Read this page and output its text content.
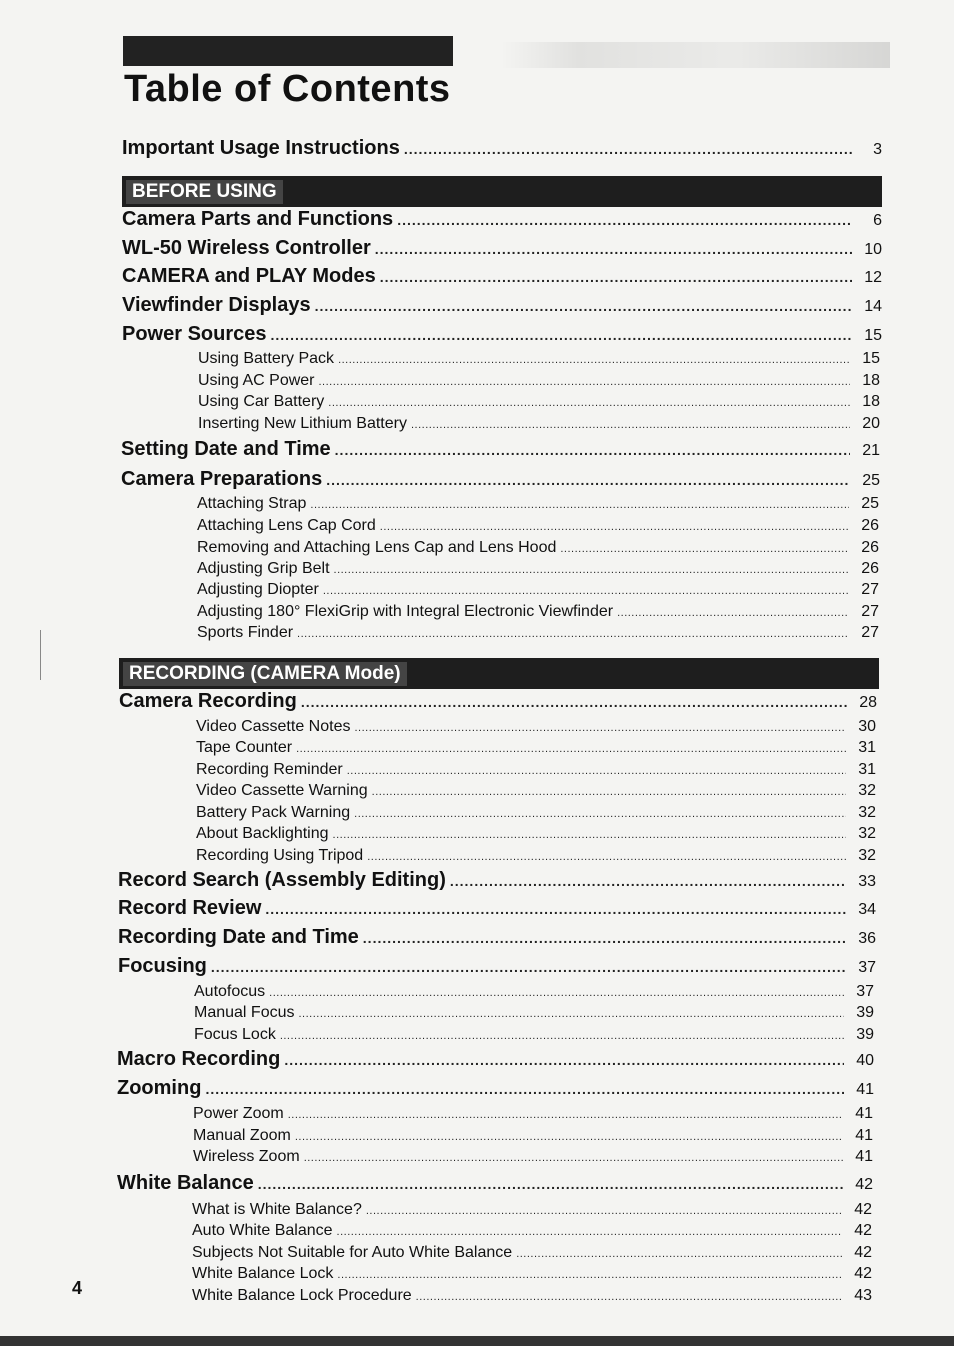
Table of Contents
Important Usage Instructions .....	3
BEFORE USING
Camera Parts and Functions .....	6
WL-50 Wireless Controller .....	10
CAMERA and PLAY Modes .....	12
Viewfinder Displays .....	14
Power Sources .....	15
Using Battery Pack .....	15
Using AC Power .....	18
Using Car Battery .....	18
Inserting New Lithium Battery .....	20
Setting Date and Time .....	21
Camera Preparations .....	25
Attaching Strap .....	25
Attaching Lens Cap Cord .....	26
Removing and Attaching Lens Cap and Lens Hood .....	26
Adjusting Grip Belt .....	26
Adjusting Diopter .....	27
Adjusting 180° FlexiGrip with Integral Electronic Viewfinder .....	27
Sports Finder .....	27
RECORDING (CAMERA Mode)
Camera Recording .....	28
Video Cassette Notes .....	30
Tape Counter .....	31
Recording Reminder .....	31
Video Cassette Warning .....	32
Battery Pack Warning .....	32
About Backlighting .....	32
Recording Using Tripod .....	32
Record Search (Assembly Editing) .....	33
Record Review .....	34
Recording Date and Time .....	36
Focusing .....	37
Autofocus .....	37
Manual Focus .....	39
Focus Lock .....	39
Macro Recording .....	40
Zooming .....	41
Power Zoom .....	41
Manual Zoom .....	41
Wireless Zoom .....	41
White Balance .....	42
What is White Balance? .....	42
Auto White Balance .....	42
Subjects Not Suitable for Auto White Balance .....	42
White Balance Lock .....	42
White Balance Lock Procedure .....	43
4
